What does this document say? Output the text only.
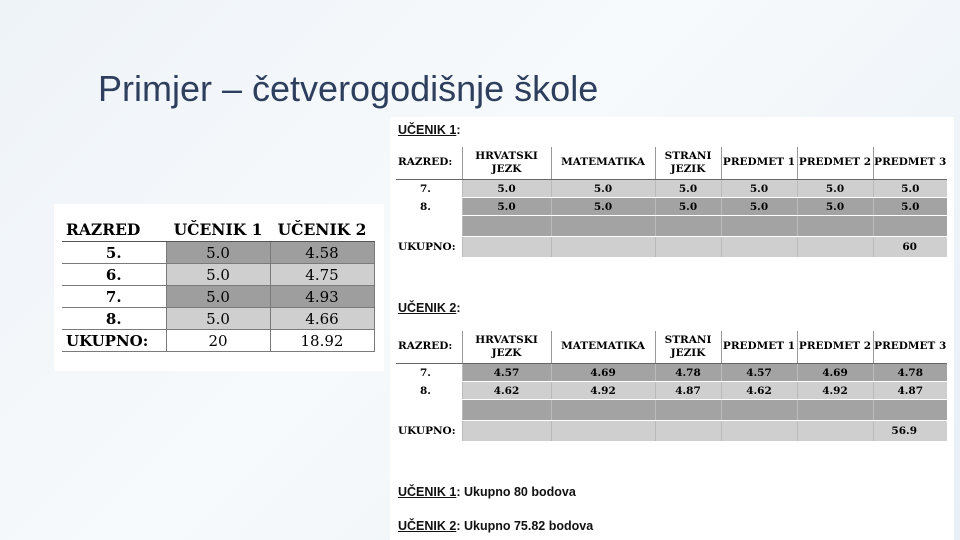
Primjer – četverogodišnje škole
RAZRED	UČENIK 1	UČENIK 2
5.	5.0	4.58
6.	5.0	4.75
7.	5.0	4.93
8.	5.0	4.66
UKUPNO:	20	18.92
UČENIK 1:
RAZRED:	HRVATSKI JEZK	MATEMATIKA	STRANI JEZIK	PREDMET 1	PREDMET 2	PREDMET 3
7.	5.0	5.0	5.0	5.0	5.0	5.0
8.	5.0	5.0	5.0	5.0	5.0	5.0

UKUPNO:						60
UČENIK 2:
RAZRED:	HRVATSKI JEZK	MATEMATIKA	STRANI JEZIK	PREDMET 1	PREDMET 2	PREDMET 3
7.	4.57	4.69	4.78	4.57	4.69	4.78
8.	4.62	4.92	4.87	4.62	4.92	4.87

UKUPNO:						56.9
UČENIK 1: Ukupno 80 bodova
UČENIK 2: Ukupno 75.82 bodova
